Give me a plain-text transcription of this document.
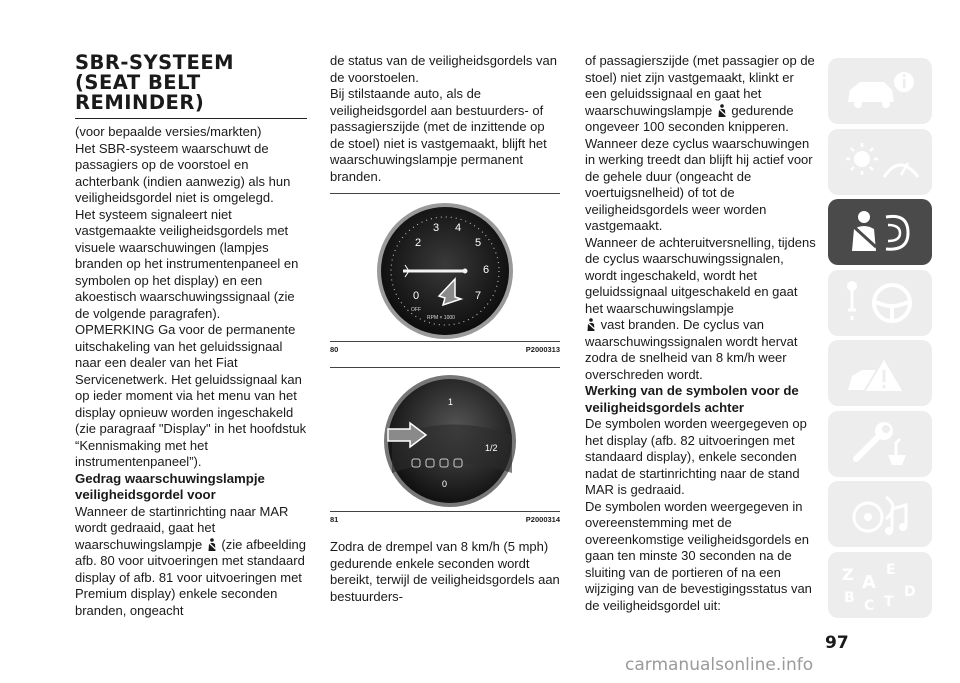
SBR-SYSTEEM
(SEAT BELT
REMINDER)

(voor bepaalde versies/markten)

Het SBR-systeem waarschuwt de passagiers op de voorstoel en achterbank (indien aanwezig) als hun veiligheidsgordel niet is omgelegd.

Het systeem signaleert niet vastgemaakte veiligheidsgordels met visuele waarschuwingen (lampjes branden op het instrumentenpaneel en symbolen op het display) en een akoestisch waarschuwingssignaal (zie de volgende paragrafen).

OPMERKING Ga voor de permanente uitschakeling van het geluidssignaal naar een dealer van het Fiat Servicenetwerk. Het geluidssignaal kan op ieder moment via het menu van het display opnieuw worden ingeschakeld (zie paragraaf "Display" in het hoofdstuk “Kennismaking met het instrumentenpaneel”).

Gedrag waarschuwingslampje veiligheidsgordel voor

Wanneer de startinrichting naar MAR wordt gedraaid, gaat het waarschuwingslampje (zie afbeelding afb. 80 voor uitvoeringen met standaard display of afb. 81 voor uitvoeringen met Premium display) enkele seconden branden, ongeacht

de status van de veiligheidsgordels van de voorstoelen.

Bij stilstaande auto, als de veiligheidsgordel aan bestuurders- of passagierszijde (met de inzittende op de stoel) niet is vastgemaakt, blijft het waarschuwingslampje permanent branden.

2
3 4
5
6
7
0
RPM × 1000
OFF
80	P2000313
1
1/2
0
81	P2000314

Zodra de drempel van 8 km/h (5 mph) gedurende enkele seconden wordt bereikt, terwijl de veiligheidsgordels aan bestuurders-

of passagierszijde (met passagier op de stoel) niet zijn vastgemaakt, klinkt er een geluidssignaal en gaat het waarschuwingslampje gedurende ongeveer 100 seconden knipperen.

Wanneer deze cyclus waarschuwingen in werking treedt dan blijft hij actief voor de gehele duur (ongeacht de voertuigsnelheid) of tot de veiligheidsgordels weer worden vastgemaakt.

Wanneer de achteruitversnelling, tijdens de cyclus waarschuwingssignalen, wordt ingeschakeld, wordt het geluidssignaal uitgeschakeld en gaat het waarschuwingslampje
vast branden. De cyclus van waarschuwingssignalen wordt hervat zodra de snelheid van 8 km/h weer overschreden wordt.

Werking van de symbolen voor de veiligheidsgordels achter

De symbolen worden weergegeven op het display (afb. 82 uitvoeringen met standaard display), enkele seconden nadat de startinrichting naar de stand MAR is gedraaid.

De symbolen worden weergegeven in overeenstemming met de overeenkomstige veiligheidsgordels en gaan ten minste 30 seconden na de sluiting van de portieren of na een wijziging van de bevestigingsstatus van de veiligheidsgordel uit:

Z E
A
B C T
D
97
carmanualsonline.info
